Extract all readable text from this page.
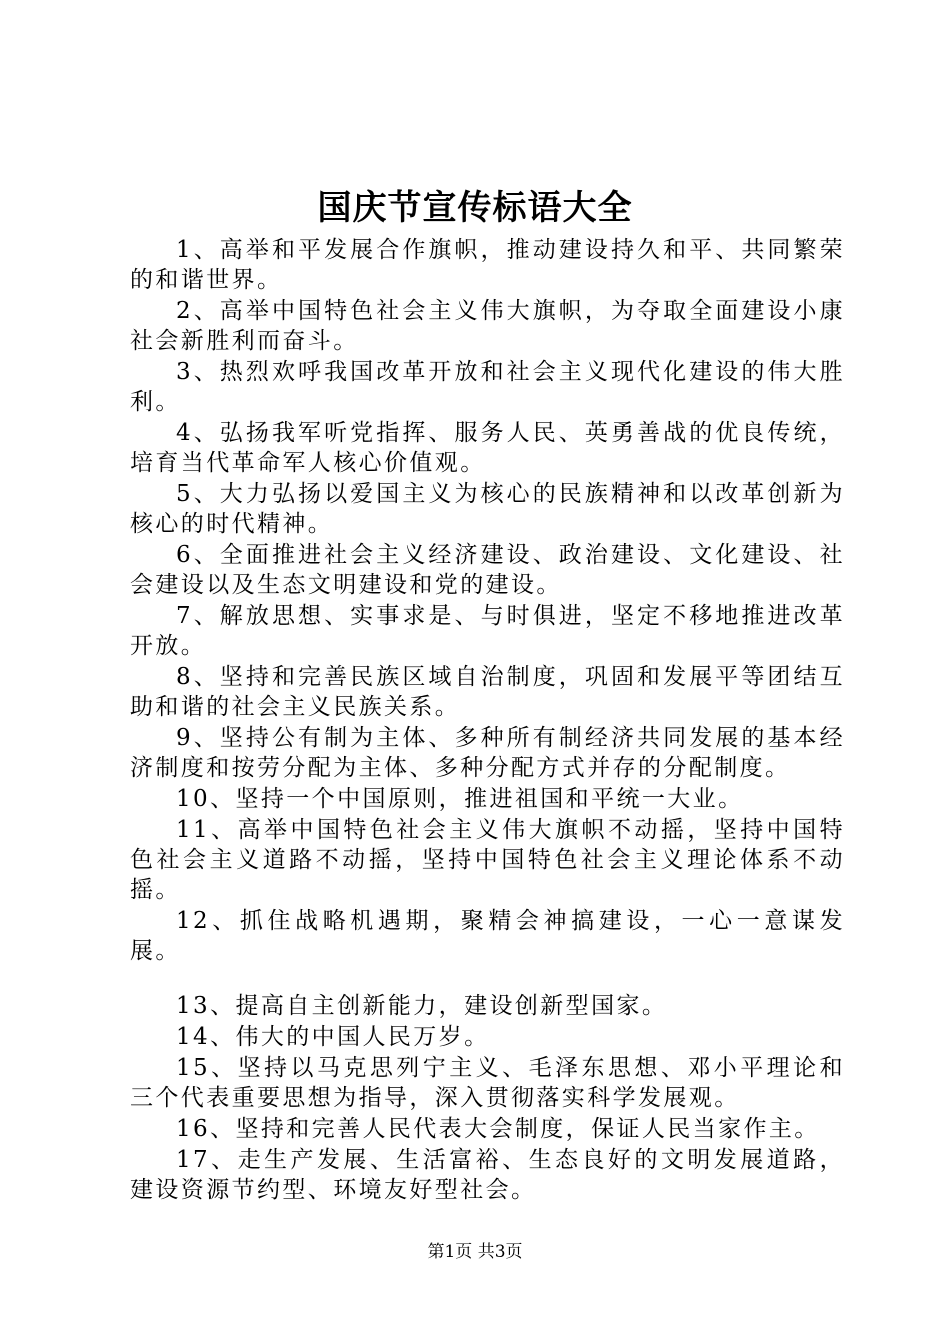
国庆节宣传标语大全

1、高举和平发展合作旗帜，推动建设持久和平、共同繁荣的和谐世界。

2、高举中国特色社会主义伟大旗帜，为夺取全面建设小康社会新胜利而奋斗。

3、热烈欢呼我国改革开放和社会主义现代化建设的伟大胜利。

4、弘扬我军听党指挥、服务人民、英勇善战的优良传统，培育当代革命军人核心价值观。

5、大力弘扬以爱国主义为核心的民族精神和以改革创新为核心的时代精神。

6、全面推进社会主义经济建设、政治建设、文化建设、社会建设以及生态文明建设和党的建设。

7、解放思想、实事求是、与时俱进，坚定不移地推进改革开放。

8、坚持和完善民族区域自治制度，巩固和发展平等团结互助和谐的社会主义民族关系。

9、坚持公有制为主体、多种所有制经济共同发展的基本经济制度和按劳分配为主体、多种分配方式并存的分配制度。

10、坚持一个中国原则，推进祖国和平统一大业。

11、高举中国特色社会主义伟大旗帜不动摇，坚持中国特色社会主义道路不动摇，坚持中国特色社会主义理论体系不动摇。

12、抓住战略机遇期，聚精会神搞建设，一心一意谋发展。

13、提高自主创新能力，建设创新型国家。

14、伟大的中国人民万岁。

15、坚持以马克思列宁主义、毛泽东思想、邓小平理论和三个代表重要思想为指导，深入贯彻落实科学发展观。

16、坚持和完善人民代表大会制度，保证人民当家作主。

17、走生产发展、生活富裕、生态良好的文明发展道路，建设资源节约型、环境友好型社会。

第1页 共3页
